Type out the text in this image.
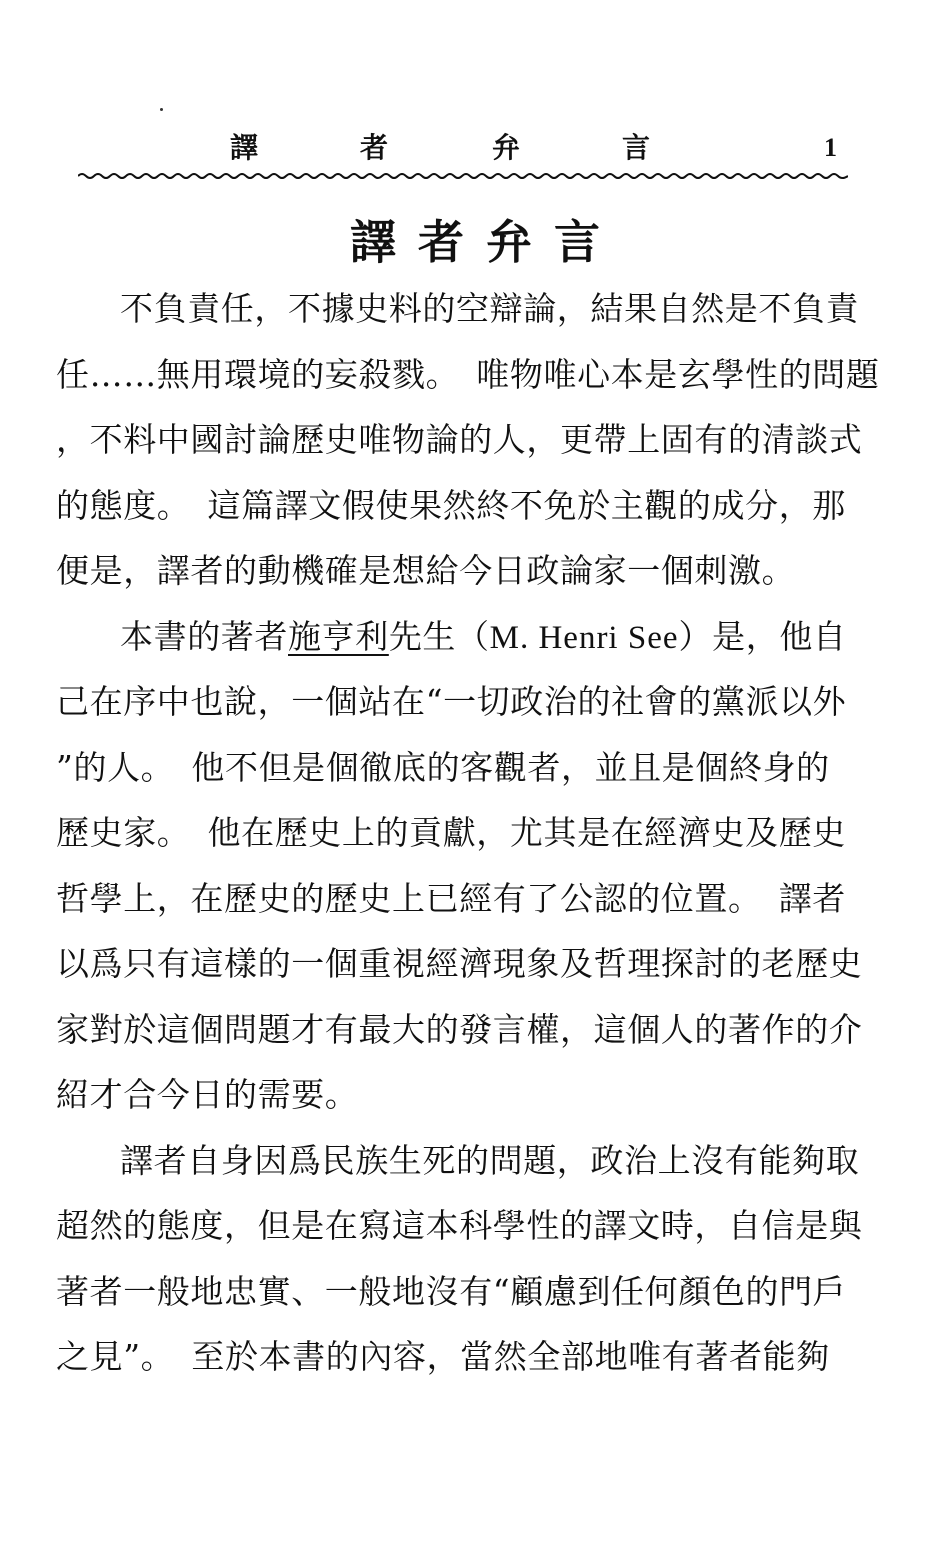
譯	者	弁	言	1
譯者弁言
不負責任，不據史料的空辯論，結果自然是不負責
任……無用環境的妄殺戮。　唯物唯心本是玄學性的問題
，不料中國討論歷史唯物論的人，更帶上固有的清談式
的態度。　這篇譯文假使果然終不免於主觀的成分，那
便是，譯者的動機確是想給今日政論家一個刺激。
本書的著者施亨利先生（M. Henri See）是，他自
己在序中也說，一個站在“一切政治的社會的黨派以外
”的人。　他不但是個徹底的客觀者，並且是個終身的
歷史家。　他在歷史上的貢獻，尤其是在經濟史及歷史
哲學上，在歷史的歷史上已經有了公認的位置。　譯者
以爲只有這樣的一個重視經濟現象及哲理探討的老歷史
家對於這個問題才有最大的發言權，這個人的著作的介
紹才合今日的需要。
譯者自身因爲民族生死的問題，政治上沒有能夠取
超然的態度，但是在寫這本科學性的譯文時，自信是與
著者一般地忠實、一般地沒有“顧慮到任何顏色的門戶
之見”。　至於本書的內容，當然全部地唯有著者能夠
